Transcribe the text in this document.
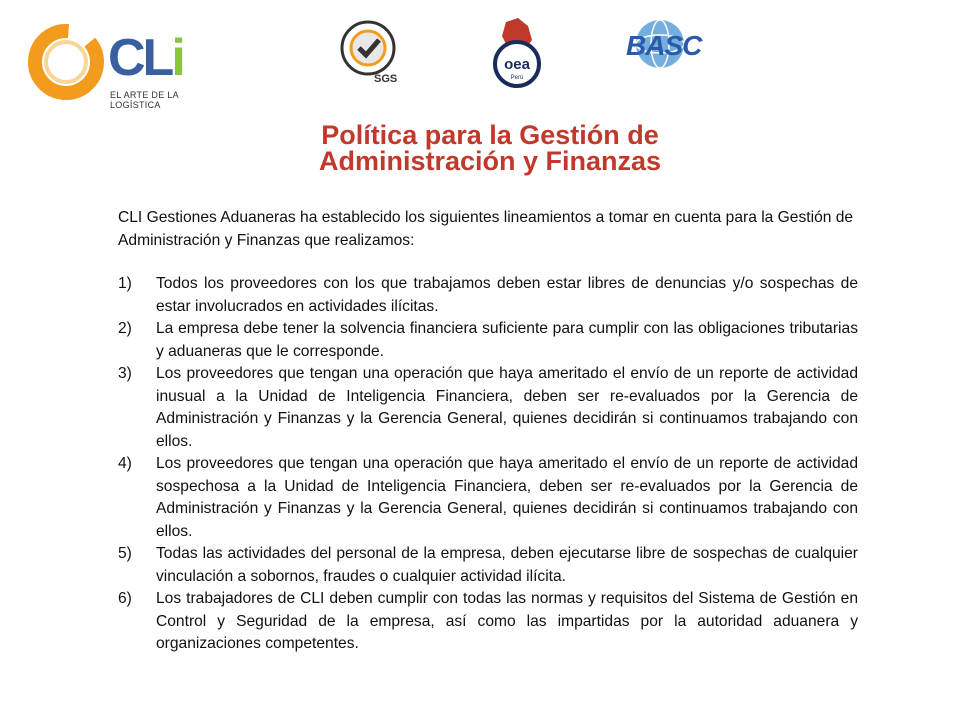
CLi
EL ARTE DE LA LOGÍSTICA
SGS
oea
Perú
BASC
Política para la Gestión de
Administración y Finanzas

CLI Gestiones Aduaneras ha establecido los siguientes lineamientos a tomar en cuenta para la Gestión de Administración y Finanzas que realizamos:

1) Todos los proveedores con los que trabajamos deben estar libres de denuncias y/o sospechas de estar involucrados en actividades ilícitas.
2) La empresa debe tener la solvencia financiera suficiente para cumplir con las obligaciones tributarias y aduaneras que le corresponde.
3) Los proveedores que tengan una operación que haya ameritado el envío de un reporte de actividad inusual a la Unidad de Inteligencia Financiera, deben ser re-evaluados por la Gerencia de Administración y Finanzas y la Gerencia General, quienes decidirán si continuamos trabajando con ellos.
4) Los proveedores que tengan una operación que haya ameritado el envío de un reporte de actividad sospechosa a la Unidad de Inteligencia Financiera, deben ser re-evaluados por la Gerencia de Administración y Finanzas y la Gerencia General, quienes decidirán si continuamos trabajando con ellos.
5) Todas las actividades del personal de la empresa, deben ejecutarse libre de sospechas de cualquier vinculación a sobornos, fraudes o cualquier actividad ilícita.
6) Los trabajadores de CLI deben cumplir con todas las normas y requisitos del Sistema de Gestión en Control y Seguridad de la empresa, así como las impartidas por la autoridad aduanera y organizaciones competentes.
